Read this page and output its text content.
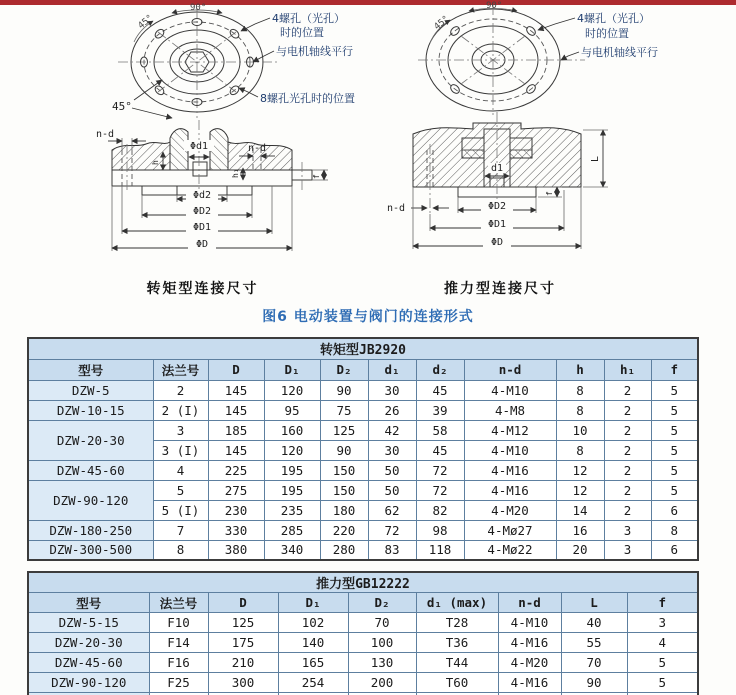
90°
45°
45°
4螺孔（光孔）
时的位置
与电机轴线平行
8螺孔光孔时的位置
90°
45°	4螺孔（光孔）
时的位置
与电机轴线平行
Φd1
n-d
n-d
h
h₁	f
Φd2
ΦD2
ΦD1
ΦD
d1
n-d
L
f
ΦD2
ΦD1
ΦD
转矩型连接尺寸	推力型连接尺寸
图6 电动装置与阀门的连接形式
转矩型JB2920										
型号	法兰号	D	D₁	D₂	d₁	d₂	n-d	h	h₁	f
DZW-5	2	145	120	90	30	45	4-M10	8	2	5
DZW-10-15	2 (I)	145	95	75	26	39	4-M8	8	2	5
DZW-20-30	3	185	160	125	42	58	4-M12	10	2	5
	3 (I)	145	120	90	30	45	4-M10	8	2	5
DZW-45-60	4	225	195	150	50	72	4-M16	12	2	5
DZW-90-120	5	275	195	150	50	72	4-M16	12	2	5
	5 (I)	230	235	180	62	82	4-M20	14	2	6
DZW-180-250	7	330	285	220	72	98	4-Mø27	16	3	8
DZW-300-500	8	380	340	280	83	118	4-Mø22	20	3	6
推力型GB12222								
型号	法兰号	D	D₁	D₂	d₁ (max)	n-d	L	f
DZW-5-15	F10	125	102	70	T28	4-M10	40	3
DZW-20-30	F14	175	140	100	T36	4-M16	55	4
DZW-45-60	F16	210	165	130	T44	4-M20	70	5
DZW-90-120	F25	300	254	200	T60	4-M16	90	5
